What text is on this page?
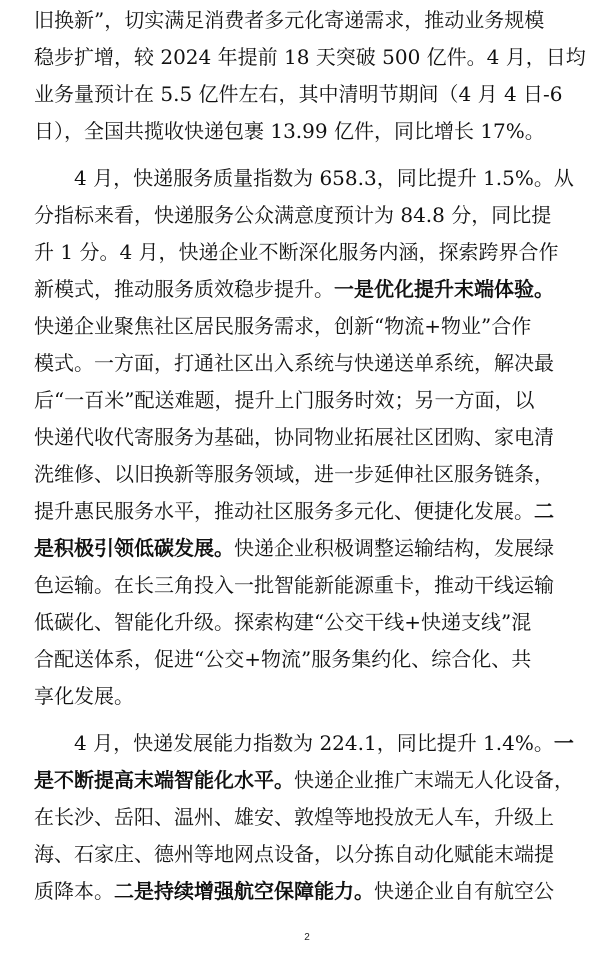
旧换新”，切实满足消费者多元化寄递需求，推动业务规模
稳步扩增，较 2024 年提前 18 天突破 500 亿件。4 月，日均
业务量预计在 5.5 亿件左右，其中清明节期间（4 月 4 日-6
日），全国共揽收快递包裹 13.99 亿件，同比增长 17%。
4 月，快递服务质量指数为 658.3，同比提升 1.5%。从
分指标来看，快递服务公众满意度预计为 84.8 分，同比提
升 1 分。4 月，快递企业不断深化服务内涵，探索跨界合作
新模式，推动服务质效稳步提升。一是优化提升末端体验。
快递企业聚焦社区居民服务需求，创新“物流+物业”合作
模式。一方面，打通社区出入系统与快递送单系统，解决最
后“一百米”配送难题，提升上门服务时效；另一方面，以
快递代收代寄服务为基础，协同物业拓展社区团购、家电清
洗维修、以旧换新等服务领域，进一步延伸社区服务链条，
提升惠民服务水平，推动社区服务多元化、便捷化发展。二
是积极引领低碳发展。快递企业积极调整运输结构，发展绿
色运输。在长三角投入一批智能新能源重卡，推动干线运输
低碳化、智能化升级。探索构建“公交干线+快递支线”混
合配送体系，促进“公交+物流”服务集约化、综合化、共
享化发展。
4 月，快递发展能力指数为 224.1，同比提升 1.4%。一
是不断提高末端智能化水平。快递企业推广末端无人化设备，
在长沙、岳阳、温州、雄安、敦煌等地投放无人车，升级上
海、石家庄、德州等地网点设备，以分拣自动化赋能末端提
质降本。二是持续增强航空保障能力。快递企业自有航空公
2
